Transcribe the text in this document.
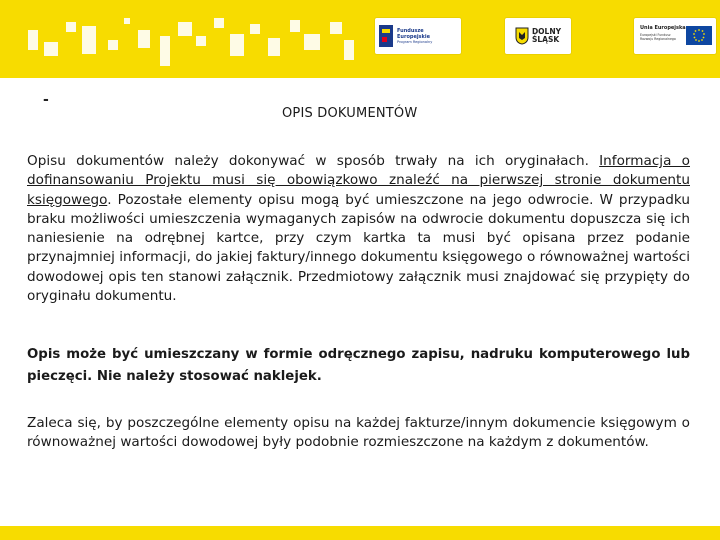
Fundusze
Europejskie
Program Regionalny
DOLNY
ŚLĄSK
Unia Europejska
Europejski Fundusz Rozwoju Regionalnego
-
OPIS DOKUMENTÓW

Opisu dokumentów należy dokonywać w sposób trwały na ich oryginałach. Informacja o dofinansowaniu Projektu musi się obowiązkowo znaleźć na pierwszej stronie dokumentu księgowego. Pozostałe elementy opisu mogą być umieszczone na jego odwrocie. W przypadku braku możliwości umieszczenia wymaganych zapisów na odwrocie dokumentu dopuszcza się ich naniesienie na odrębnej kartce, przy czym kartka ta musi być opisana przez podanie przynajmniej informacji, do jakiej faktury/innego dokumentu księgowego o równoważnej wartości dowodowej opis ten stanowi załącznik. Przedmiotowy załącznik musi znajdować się przypięty do oryginału dokumentu.

Opis może być umieszczany w formie odręcznego zapisu, nadruku komputerowego lub pieczęci. Nie należy stosować naklejek.

Zaleca się, by poszczególne elementy opisu na każdej fakturze/innym dokumencie księgowym o równoważnej wartości dowodowej były podobnie rozmieszczone na każdym z dokumentów.
